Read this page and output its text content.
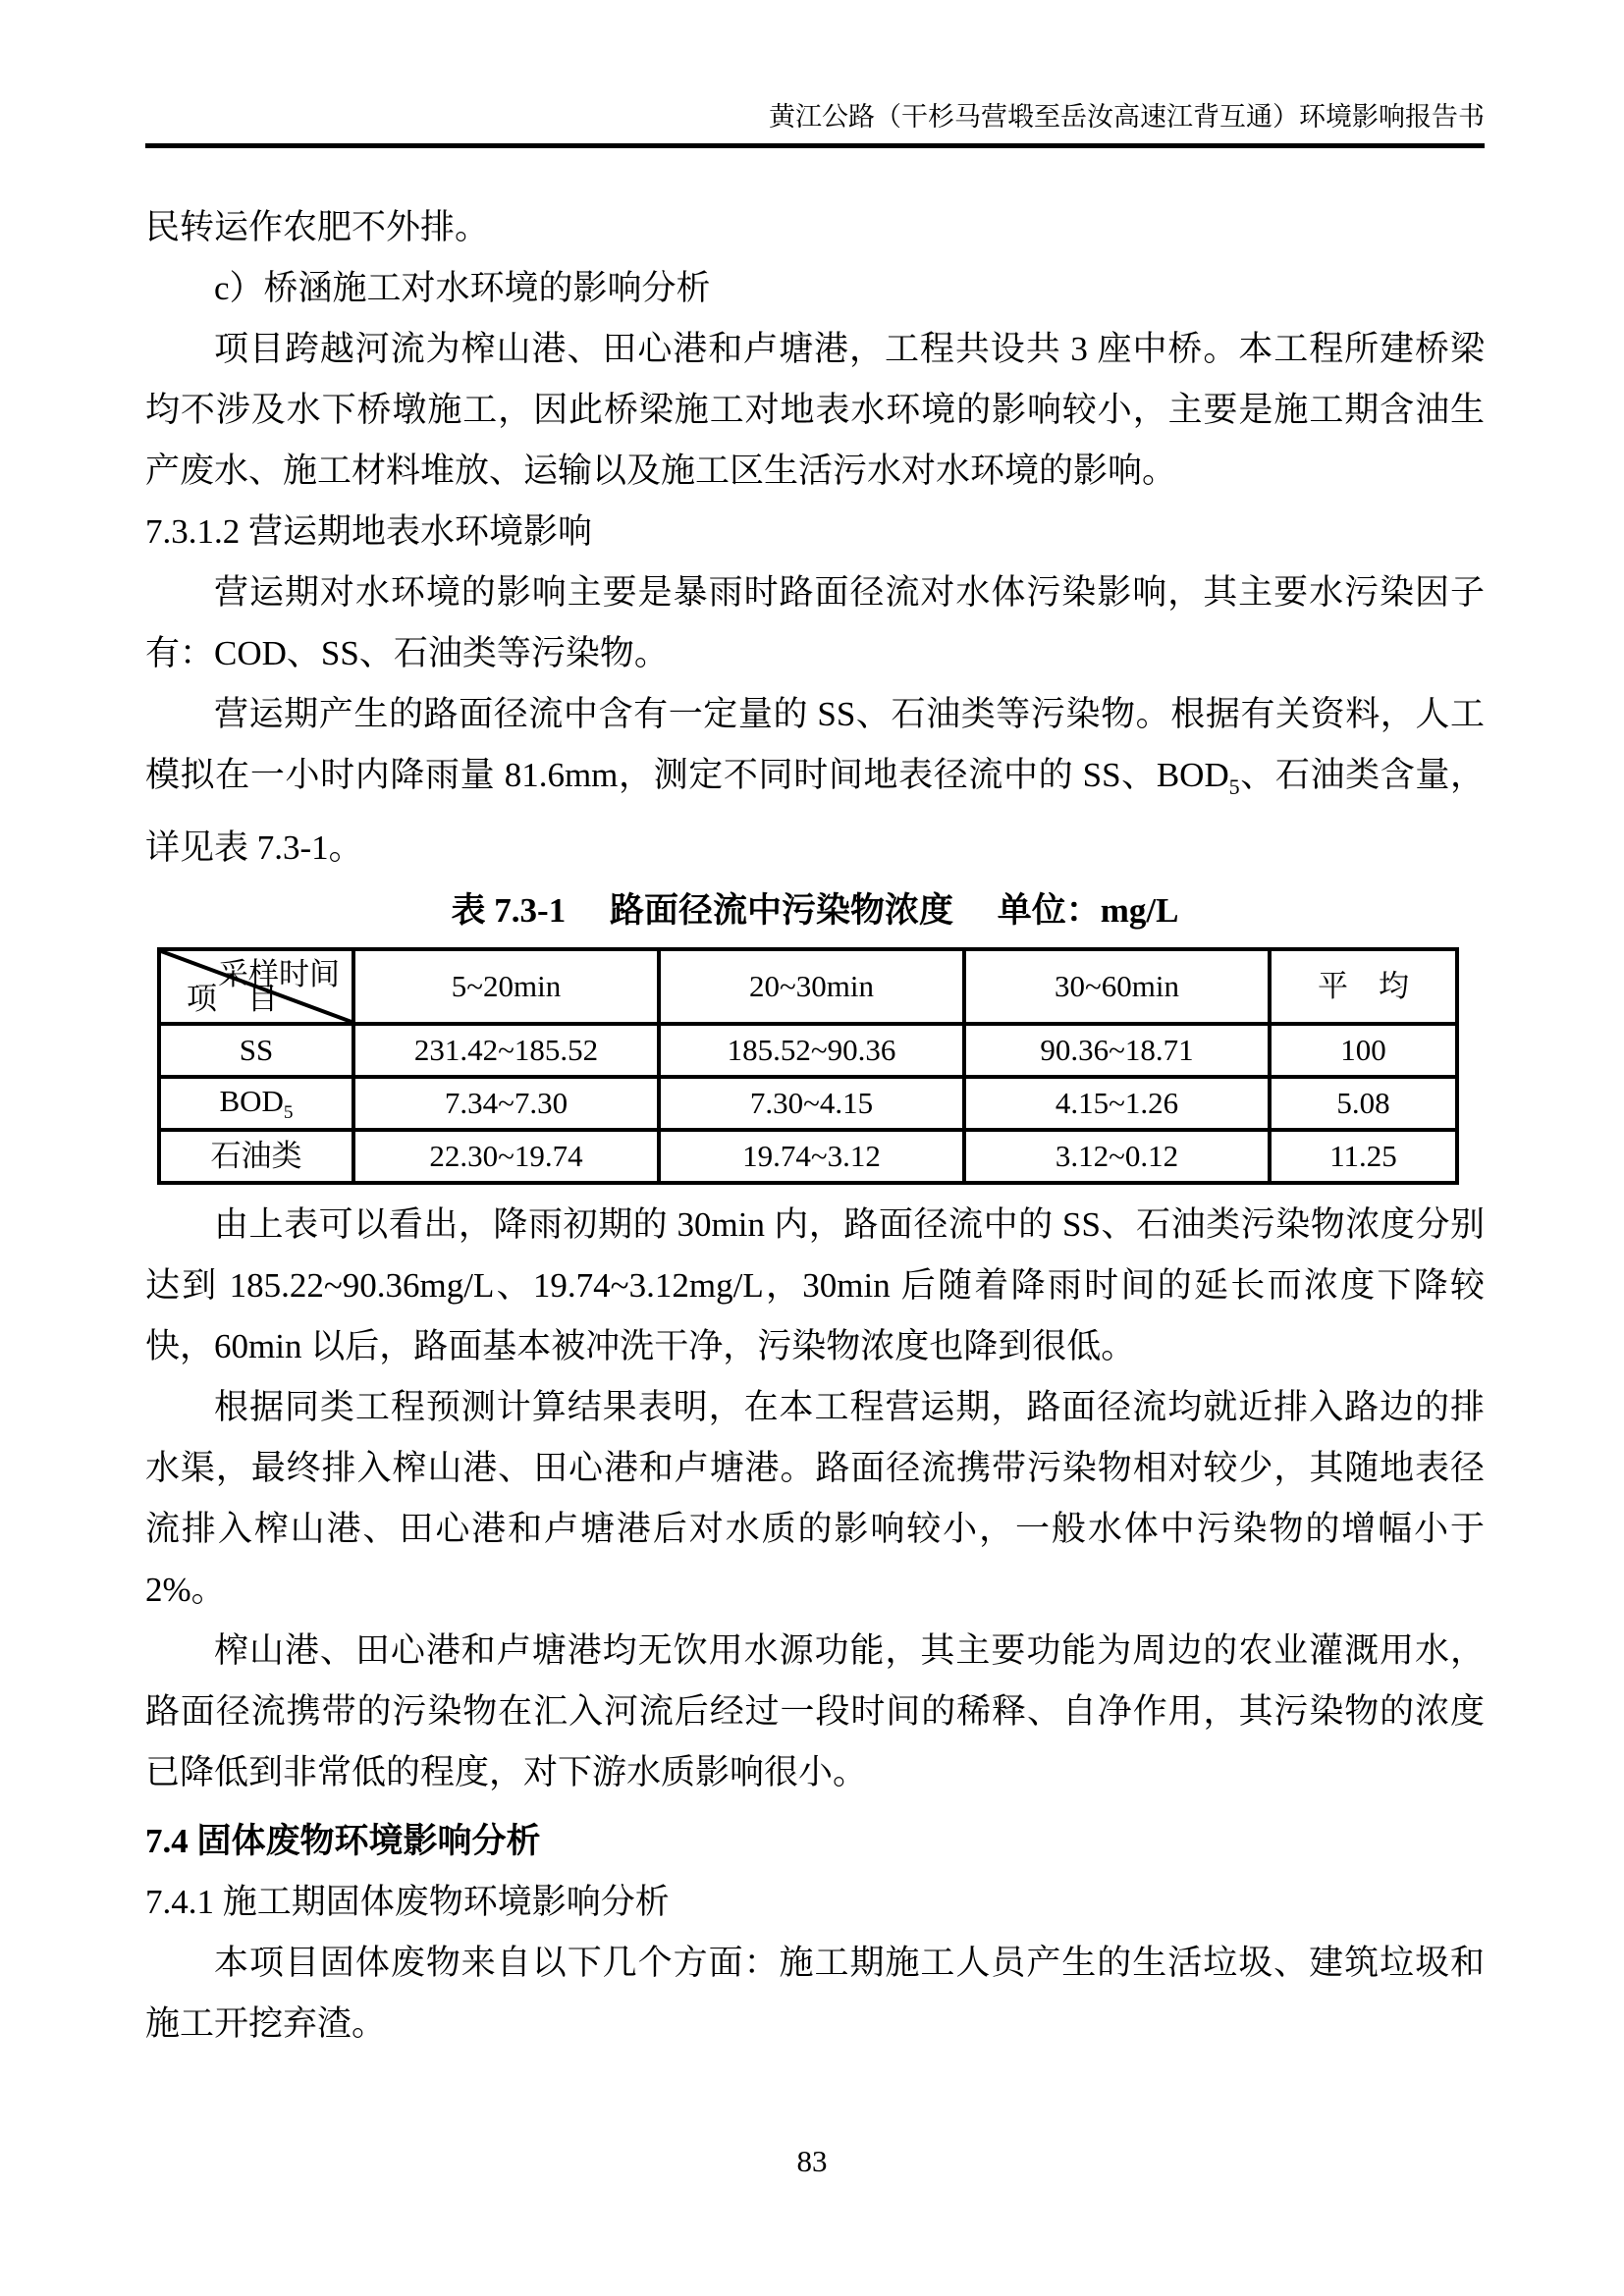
黄江公路（干杉马营塅至岳汝高速江背互通）环境影响报告书

民转运作农肥不外排。

c）桥涵施工对水环境的影响分析

项目跨越河流为榨山港、田心港和卢塘港，工程共设共 3 座中桥。本工程所建桥梁均不涉及水下桥墩施工，因此桥梁施工对地表水环境的影响较小，主要是施工期含油生产废水、施工材料堆放、运输以及施工区生活污水对水环境的影响。

7.3.1.2 营运期地表水环境影响

营运期对水环境的影响主要是暴雨时路面径流对水体污染影响，其主要水污染因子有：COD、SS、石油类等污染物。

营运期产生的路面径流中含有一定量的 SS、石油类等污染物。根据有关资料，人工模拟在一小时内降雨量 81.6mm，测定不同时间地表径流中的 SS、$BOD_5$、石油类含量，详见表 7.3-1。

表 7.3-1 路面径流中污染物浓度 单位：mg/L

采样时间
项　目	5~20min	20~30min	30~60min	平　均
SS	231.42~185.52	185.52~90.36	90.36~18.71	100
$BOD_5$	7.34~7.30	7.30~4.15	4.15~1.26	5.08
石油类	22.30~19.74	19.74~3.12	3.12~0.12	11.25

由上表可以看出，降雨初期的 30min 内，路面径流中的 SS、石油类污染物浓度分别达到 185.22~90.36mg/L、19.74~3.12mg/L，30min 后随着降雨时间的延长而浓度下降较快，60min 以后，路面基本被冲洗干净，污染物浓度也降到很低。

根据同类工程预测计算结果表明，在本工程营运期，路面径流均就近排入路边的排水渠，最终排入榨山港、田心港和卢塘港。路面径流携带污染物相对较少，其随地表径流排入榨山港、田心港和卢塘港后对水质的影响较小，一般水体中污染物的增幅小于 2%。

榨山港、田心港和卢塘港均无饮用水源功能，其主要功能为周边的农业灌溉用水，路面径流携带的污染物在汇入河流后经过一段时间的稀释、自净作用，其污染物的浓度已降低到非常低的程度，对下游水质影响很小。

7.4 固体废物环境影响分析

7.4.1 施工期固体废物环境影响分析

本项目固体废物来自以下几个方面：施工期施工人员产生的生活垃圾、建筑垃圾和施工开挖弃渣。

83
